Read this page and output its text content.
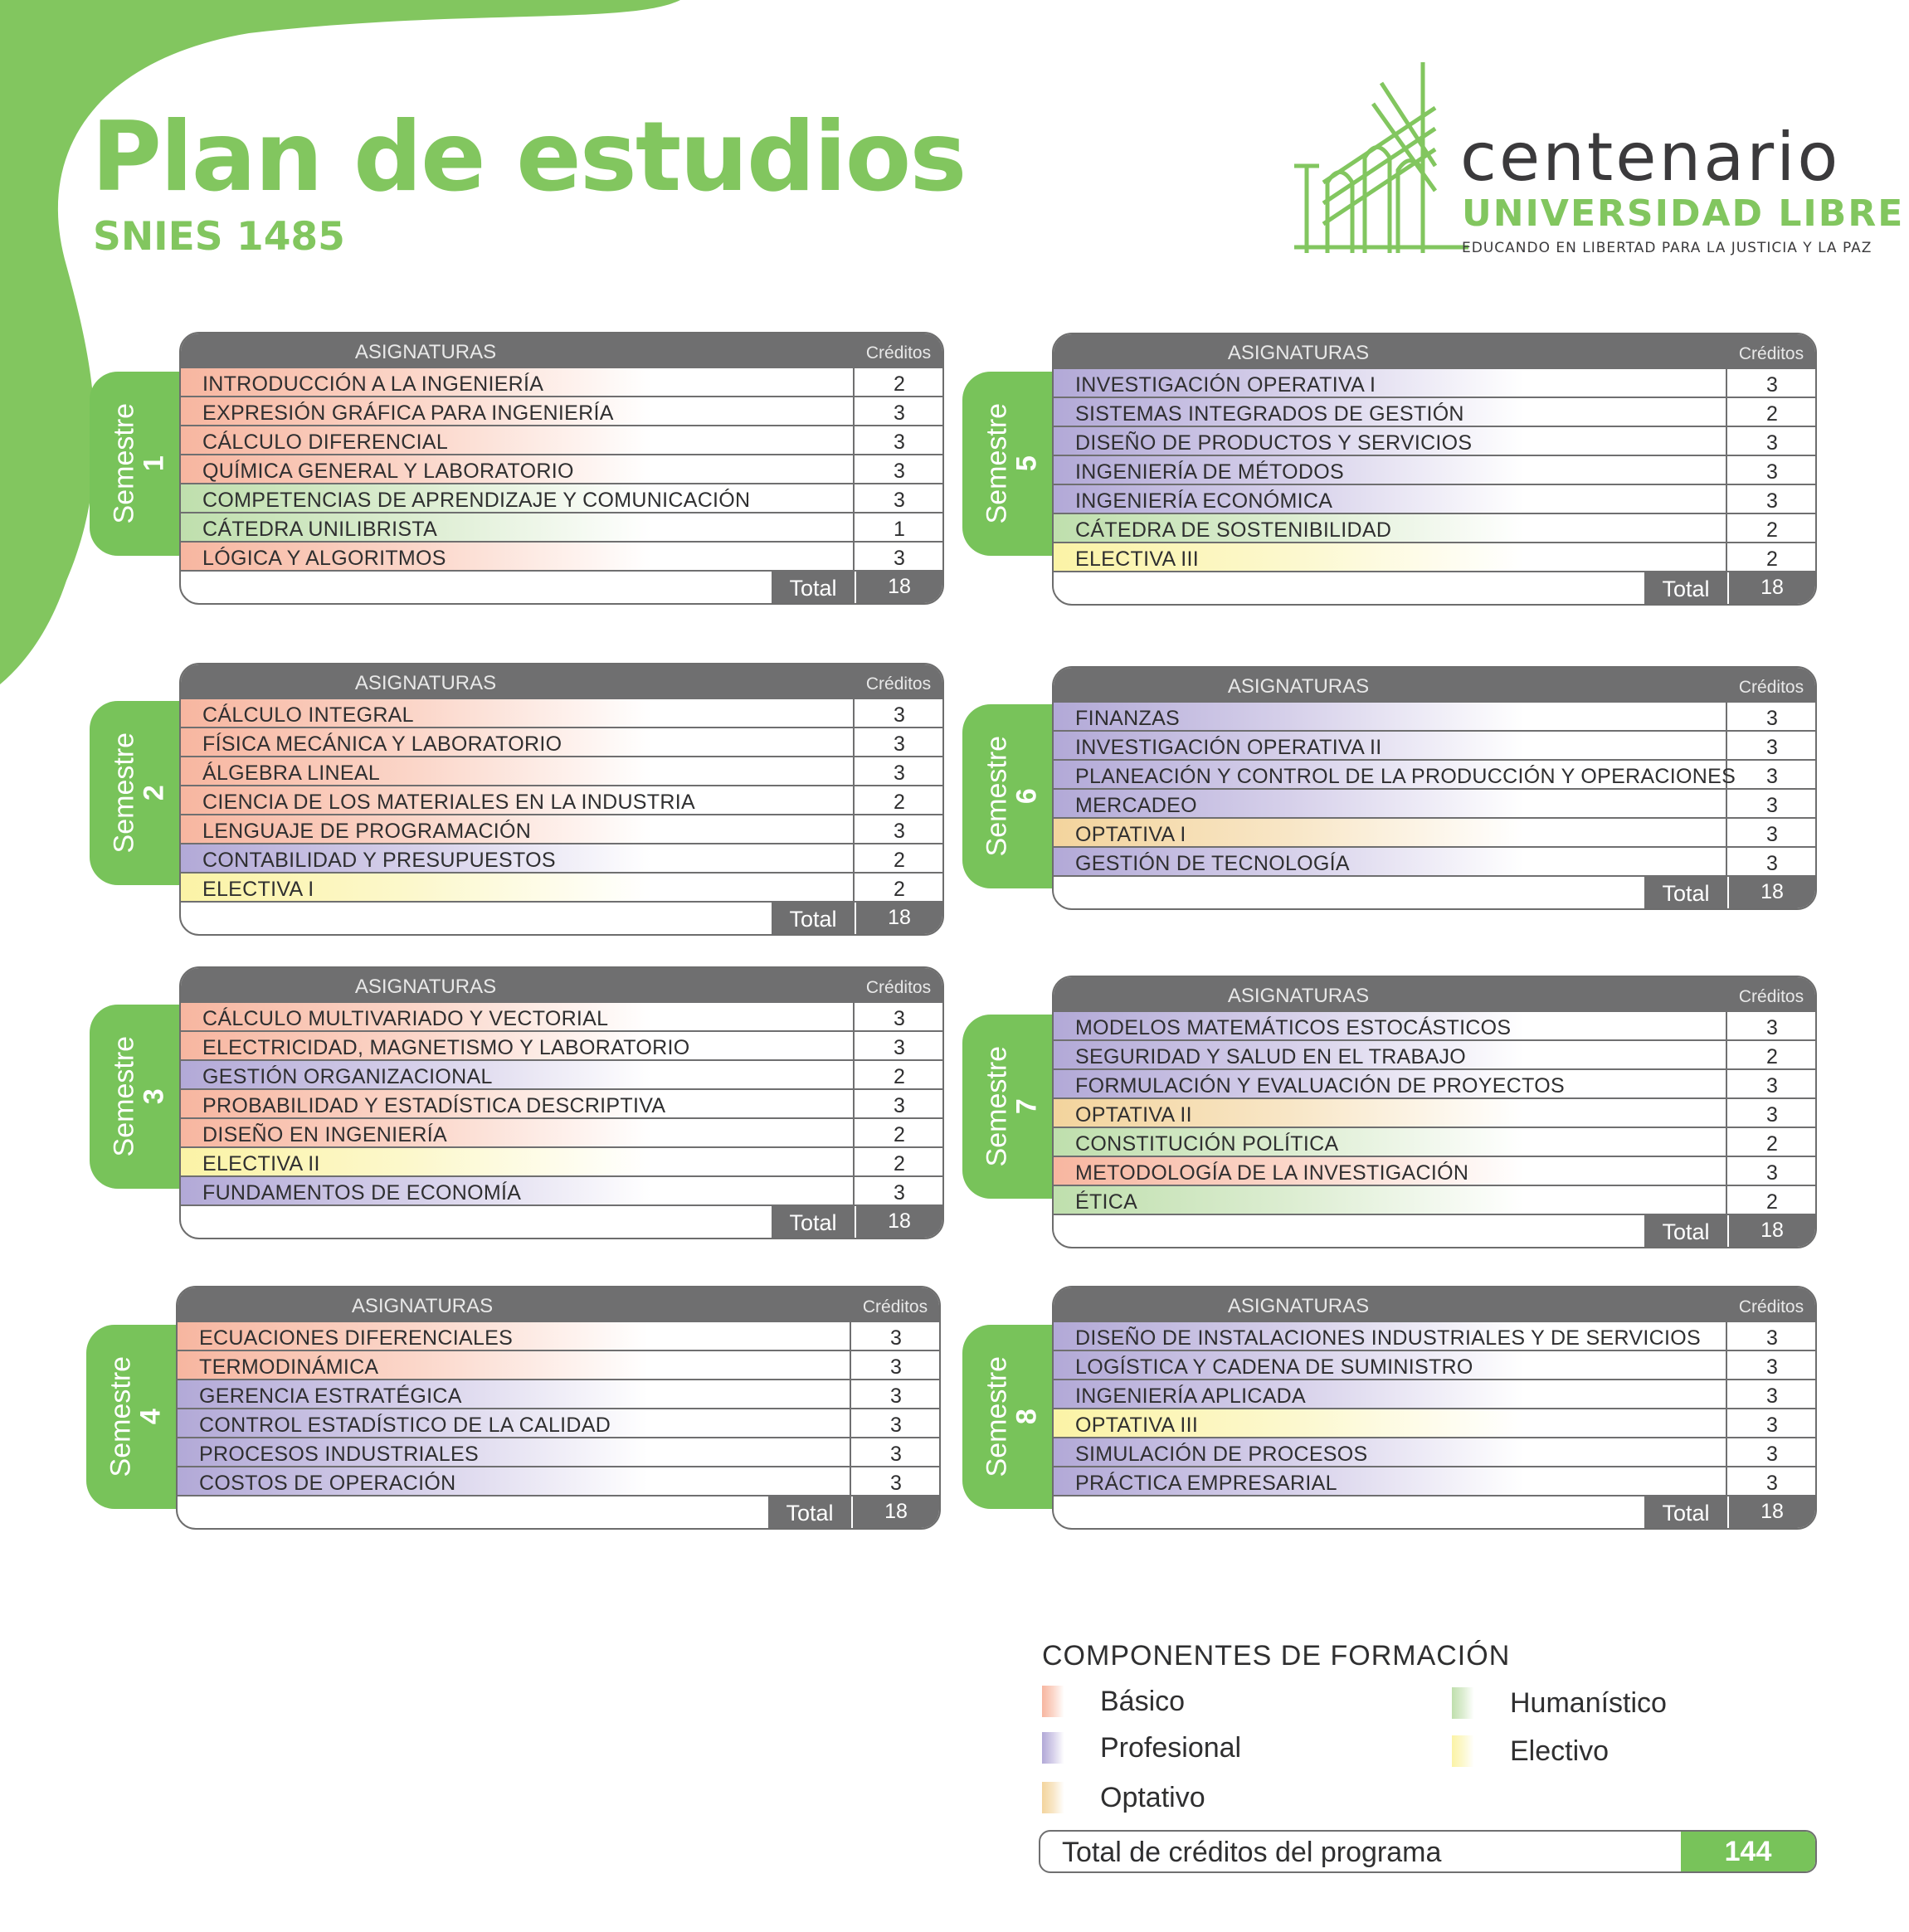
Plan de estudios
SNIES 1485
centenario
UNIVERSIDAD LIBRE
EDUCANDO EN LIBERTAD PARA LA JUSTICIA Y LA PAZ
Semestre
1
ASIGNATURAS	Créditos
INTRODUCCIÓN A LA INGENIERÍA	2
EXPRESIÓN GRÁFICA PARA INGENIERÍA	3
CÁLCULO DIFERENCIAL	3
QUÍMICA GENERAL Y LABORATORIO	3
COMPETENCIAS DE APRENDIZAJE Y COMUNICACIÓN	3
CÁTEDRA UNILIBRISTA	1
LÓGICA Y ALGORITMOS	3
Total	18
Semestre
2
ASIGNATURAS	Créditos
CÁLCULO INTEGRAL	3
FÍSICA MECÁNICA Y LABORATORIO	3
ÁLGEBRA LINEAL	3
CIENCIA DE LOS MATERIALES EN LA INDUSTRIA	2
LENGUAJE DE PROGRAMACIÓN	3
CONTABILIDAD Y PRESUPUESTOS	2
ELECTIVA I	2
Total	18
Semestre
3
ASIGNATURAS	Créditos
CÁLCULO MULTIVARIADO Y VECTORIAL	3
ELECTRICIDAD, MAGNETISMO Y LABORATORIO	3
GESTIÓN ORGANIZACIONAL	2
PROBABILIDAD Y ESTADÍSTICA DESCRIPTIVA	3
DISEÑO EN INGENIERÍA	2
ELECTIVA II	2
FUNDAMENTOS DE ECONOMÍA	3
Total	18
Semestre
4
ASIGNATURAS	Créditos
ECUACIONES DIFERENCIALES	3
TERMODINÁMICA	3
GERENCIA ESTRATÉGICA	3
CONTROL ESTADÍSTICO DE LA CALIDAD	3
PROCESOS INDUSTRIALES	3
COSTOS DE OPERACIÓN	3
Total	18
Semestre
5
ASIGNATURAS	Créditos
INVESTIGACIÓN OPERATIVA I	3
SISTEMAS INTEGRADOS DE GESTIÓN	2
DISEÑO DE PRODUCTOS Y SERVICIOS	3
INGENIERÍA DE MÉTODOS	3
INGENIERÍA ECONÓMICA	3
CÁTEDRA DE SOSTENIBILIDAD	2
ELECTIVA III	2
Total	18
Semestre
6
ASIGNATURAS	Créditos
FINANZAS	3
INVESTIGACIÓN OPERATIVA II	3
PLANEACIÓN Y CONTROL DE LA PRODUCCIÓN Y OPERACIONES	3
MERCADEO	3
OPTATIVA I	3
GESTIÓN DE TECNOLOGÍA	3
Total	18
Semestre
7
ASIGNATURAS	Créditos
MODELOS MATEMÁTICOS ESTOCÁSTICOS	3
SEGURIDAD Y SALUD EN EL TRABAJO	2
FORMULACIÓN Y EVALUACIÓN DE PROYECTOS	3
OPTATIVA II	3
CONSTITUCIÓN POLÍTICA	2
METODOLOGÍA DE LA INVESTIGACIÓN	3
ÉTICA	2
Total	18
Semestre
8
ASIGNATURAS	Créditos
DISEÑO DE INSTALACIONES INDUSTRIALES Y DE SERVICIOS	3
LOGÍSTICA Y CADENA DE SUMINISTRO	3
INGENIERÍA APLICADA	3
OPTATIVA III	3
SIMULACIÓN DE PROCESOS	3
PRÁCTICA EMPRESARIAL	3
Total	18
COMPONENTES DE FORMACIÓN
Básico
Profesional
Optativo
Humanístico
Electivo
Total de créditos del programa	144
